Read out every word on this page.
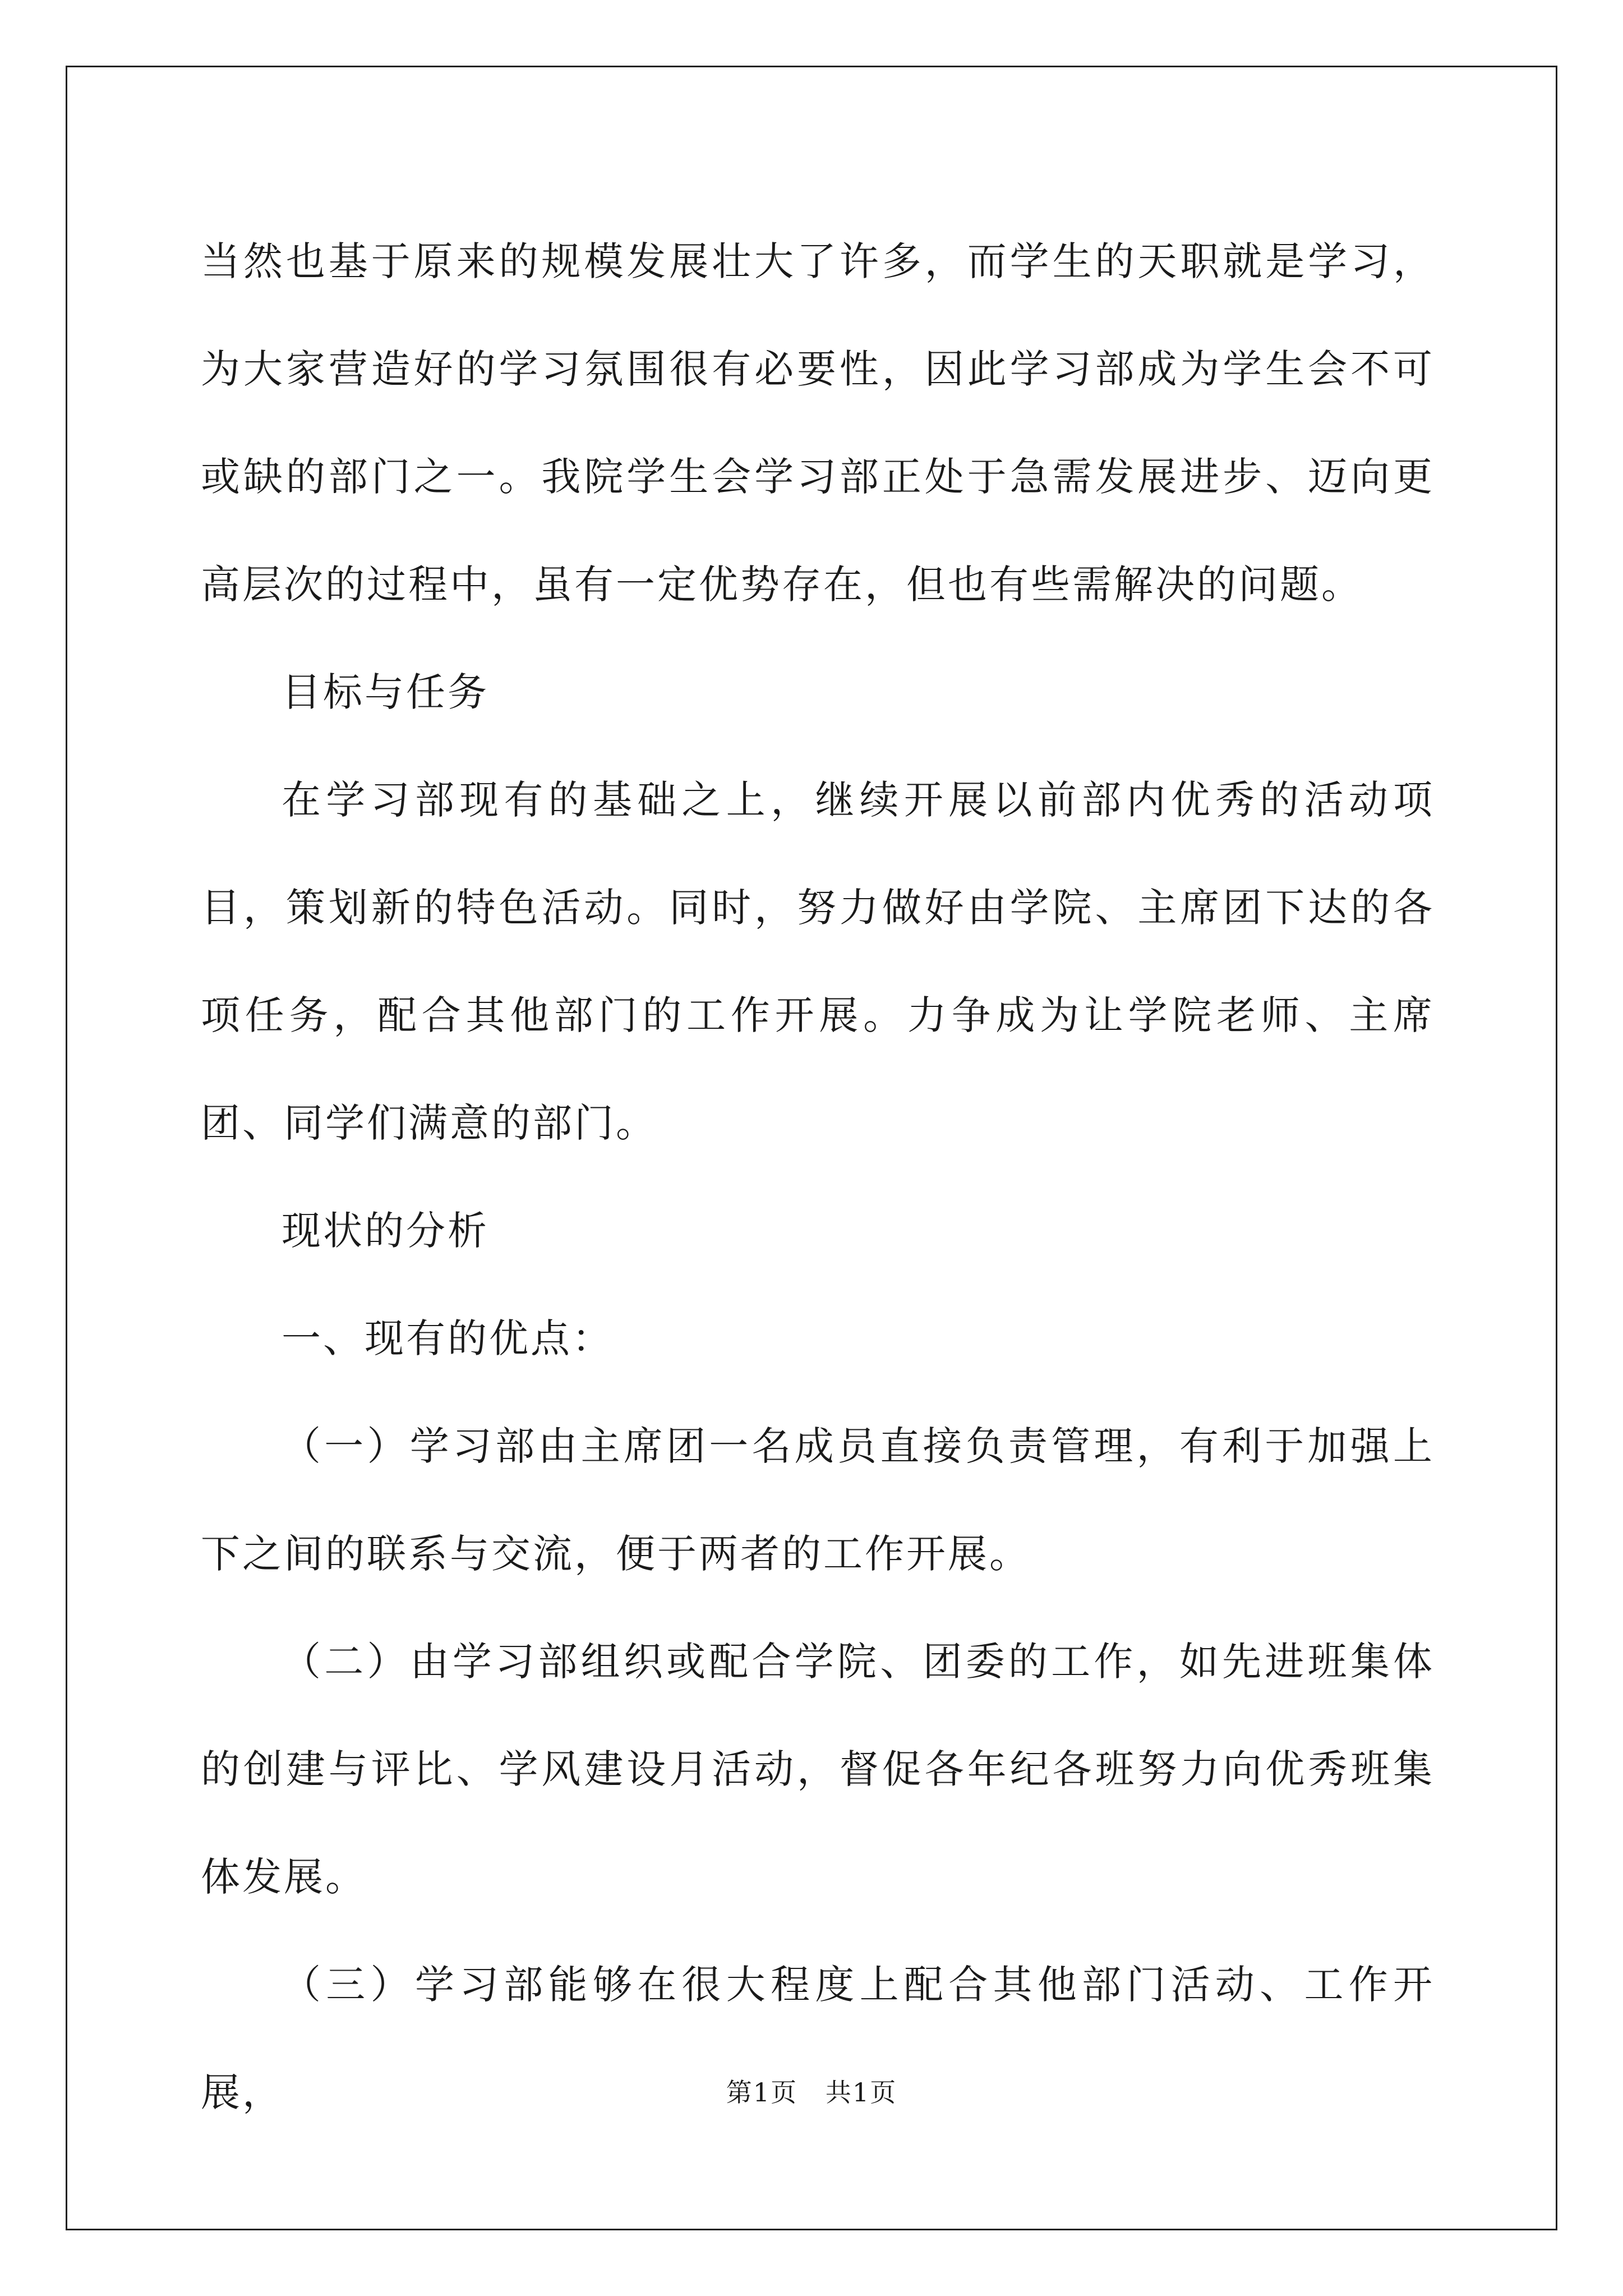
当然也基于原来的规模发展壮大了许多，而学生的天职就是学习，为大家营造好的学习氛围很有必要性，因此学习部成为学生会不可或缺的部门之一。我院学生会学习部正处于急需发展进步、迈向更高层次的过程中，虽有一定优势存在，但也有些需解决的问题。

目标与任务

在学习部现有的基础之上，继续开展以前部内优秀的活动项目，策划新的特色活动。同时，努力做好由学院、主席团下达的各项任务，配合其他部门的工作开展。力争成为让学院老师、主席团、同学们满意的部门。

现状的分析

一、现有的优点：

（一）学习部由主席团一名成员直接负责管理，有利于加强上下之间的联系与交流，便于两者的工作开展。

（二）由学习部组织或配合学院、团委的工作，如先进班集体的创建与评比、学风建设月活动，督促各年纪各班努力向优秀班集体发展。

（三）学习部能够在很大程度上配合其他部门活动、工作开展，	第1页   共1页
